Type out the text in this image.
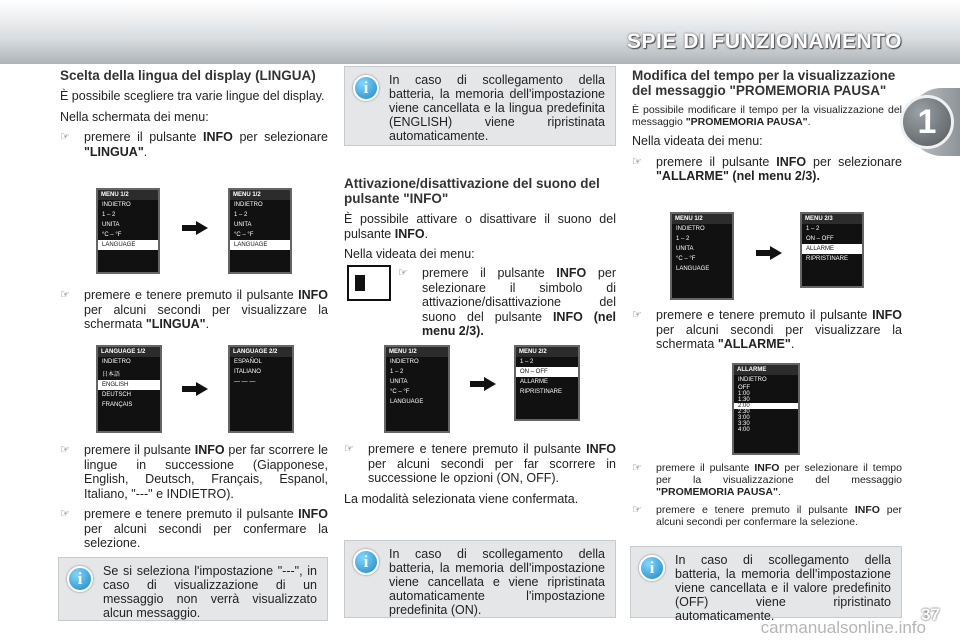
SPIE DI FUNZIONAMENTO
1
Scelta della lingua del display (LINGUA)

È possibile scegliere tra varie lingue del display.

Nella schermata dei menu:

☞ premere il pulsante INFO per selezionare "LINGUA".
MENU 1/2
INDIETRO
1 – 2
UNITA
°C – °F
LANGUAGE
MENU 1/2
INDIETRO
1 – 2
UNITA
°C – °F
LANGUAGE
☞ premere e tenere premuto il pulsante INFO per alcuni secondi per visualizzare la schermata "LINGUA".
LANGUAGE 1/2
INDIETRO
日本語
ENGLISH
DEUTSCH
FRANÇAIS
LANGUAGE 2/2
ESPAÑOL
ITALIANO
— — —
☞ premere il pulsante INFO per far scorrere le lingue in successione (Giapponese, English, Deutsch, Français, Espanol, Italiano, "---" e INDIETRO).
☞ premere e tenere premuto il pulsante INFO per alcuni secondi per confermare la selezione.
i	Se si seleziona l'impostazione "---", in caso di visualizzazione di un messaggio non verrà visualizzato alcun messaggio.
i	In caso di scollegamento della batteria, la memoria dell'impostazione viene cancellata e la lingua predefinita (ENGLISH) viene ripristinata automaticamente.
Attivazione/disattivazione del suono del pulsante "INFO"

È possibile attivare o disattivare il suono del pulsante INFO.

Nella videata dei menu:

☞ premere il pulsante INFO per selezionare il simbolo di attivazione/disattivazione del suono del pulsante INFO (nel menu 2/3).
MENU 1/2
INDIETRO
1 – 2
UNITA
°C – °F
LANGUAGE
MENU 2/2
1 – 2
ON – OFF
ALLARME
RIPRISTINARE
☞ premere e tenere premuto il pulsante INFO per alcuni secondi per far scorrere in successione le opzioni (ON, OFF).

La modalità selezionata viene confermata.

i	In caso di scollegamento della batteria, la memoria dell'impostazione viene cancellata e viene ripristinata automaticamente l'impostazione predefinita (ON).
Modifica del tempo per la visualizzazione del messaggio "PROMEMORIA PAUSA"

È possibile modificare il tempo per la visualizzazione del messaggio "PROMEMORIA PAUSA".

Nella videata dei menu:

☞ premere il pulsante INFO per selezionare "ALLARME" (nel menu 2/3).
MENU 1/2
INDIETRO
1 – 2
UNITA
°C – °F
LANGUAGE
MENU 2/3
1 – 2
ON – OFF
ALLARME
RIPRISTINARE
☞ premere e tenere premuto il pulsante INFO per alcuni secondi per visualizzare la schermata "ALLARME".
ALLARME
INDIETRO
OFF
1:00
1:30
2:00
2:30
3:00
3:30
4:00
☞ premere il pulsante INFO per selezionare il tempo per la visualizzazione del messaggio "PROMEMORIA PAUSA".
☞ premere e tenere premuto il pulsante INFO per alcuni secondi per confermare la selezione.
i	In caso di scollegamento della batteria, la memoria dell'impostazione viene cancellata e il valore predefinito (OFF) viene ripristinato automaticamente.	37
carmanualsonline.info
